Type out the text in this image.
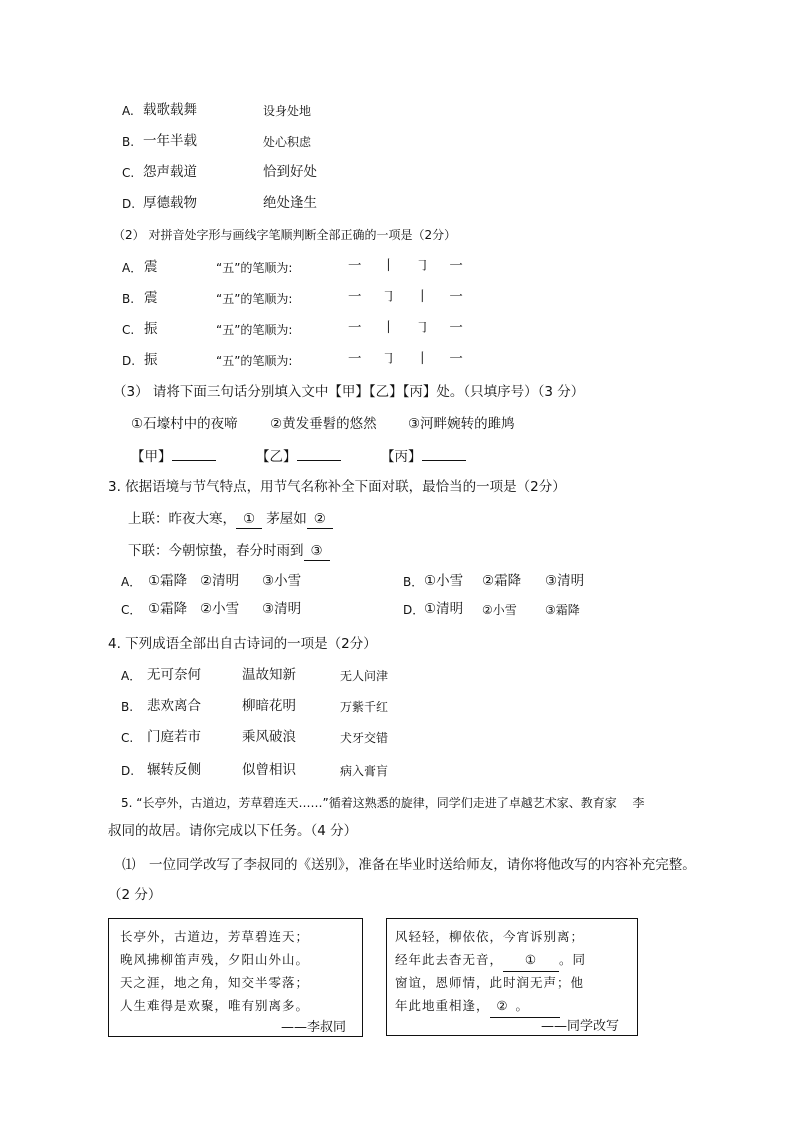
A. 载歌载舞	设身处地
B. 一年半载	处心积虑
C. 怨声载道	恰到好处
D. 厚德载物	绝处逢生
（2） 对拼音处字形与画线字笔顺判断全部正确的一项是（2分）
A． 震	“五”的笔顺为:	一 丨 ㇆ 一
B. 震	“五”的笔顺为:	一 ㇆ 丨 一
C. 振	“五”的笔顺为:	一 丨 ㇆ 一
D. 振	“五”的笔顺为:	一 ㇆ 丨 一
（3） 请将下面三句话分别填入文中【甲】【乙】【丙】处。（只填序号）（3 分）
①石壕村中的夜啼 ②黄发垂髫的悠然 ③河畔婉转的雎鸠
【甲】	【乙】	【丙】
3. 依据语境与节气特点，用节气名称补全下面对联，最恰当的一项是（2分）
上联：昨夜大寒， ① 茅屋如 ②
下联：今朝惊蛰，春分时雨到 ③
A． ①霜降 ②清明 ③小雪	B． ①小雪 ②霜降 ③清明
C． ①霜降 ②小雪 ③清明	D． ①清明 ②小雪 ③霜降
4. 下列成语全部出自古诗词的一项是（2分）
A． 无可奈何	温故知新	无人问津
B. 悲欢离合	柳暗花明	万紫千红
C. 门庭若市	乘风破浪	犬牙交错
D. 辗转反侧	似曾相识	病入膏肓
5. “长亭外，古道边，芳草碧连天……”循着这熟悉的旋律，同学们走进了卓越艺术家、教育家　 李
叔同的故居。请你完成以下任务。（4 分）
⑴　一位同学改写了李叔同的《送别》，准备在毕业时送给师友，请你将他改写的内容补充完整。
（2 分）
长亭外，古道边，芳草碧连天；
晚风拂柳笛声残，夕阳山外山。
天之涯，地之角，知交半零落；
人生难得是欢聚，唯有别离多。
——李叔同
风轻轻，柳依依，今宵诉别离；
经年此去杳无音， ① 。同
窗谊，恩师情，此时润无声；他
年此地重相逢， ② 。
——同学改写
